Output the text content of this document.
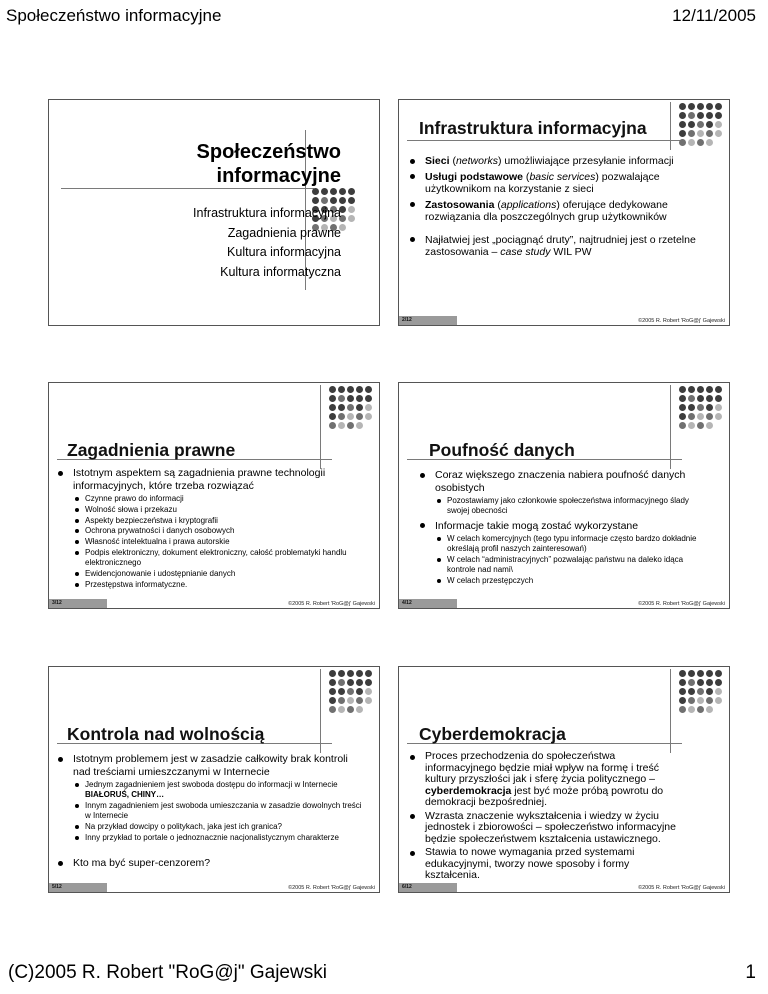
Społeczeństwo informacyjne	12/11/2005
Społeczeństwo
informacyjne
Infrastruktura informacyjna
Zagadnienia prawne
Kultura informacyjna
Kultura informatyczna
Infrastruktura informacyjna
Sieci (networks) umożliwiające przesyłanie informacji
Usługi podstawowe (basic services) pozwalające użytkownikom na korzystanie z sieci
Zastosowania (applications) oferujące dedykowane rozwiązania dla poszczególnych grup użytkowników
Najłatwiej jest „pociągnąć druty”, najtrudniej jest o rzetelne zastosowania – case study WIL PW
2/12	©2005 R. Robert 'RoG@j' Gajewski
Zagadnienia prawne
Istotnym aspektem są zagadnienia prawne technologii informacyjnych, które trzeba rozwiązać
Czynne prawo do informacji
Wolność słowa i przekazu
Aspekty bezpieczeństwa i kryptografii
Ochrona prywatności i danych osobowych
Własność intelektualna i prawa autorskie
Podpis elektroniczny, dokument elektroniczny, całość problematyki handlu elektronicznego
Ewidencjonowanie i udostępnianie danych
Przestępstwa informatyczne.
3/12	©2005 R. Robert 'RoG@j' Gajewski
Poufność danych
Coraz większego znaczenia nabiera poufność danych osobistych
Pozostawiamy jako członkowie społeczeństwa informacyjnego ślady swojej obecności
Informacje takie mogą zostać wykorzystane
W celach komercyjnych (tego typu informacje często bardzo dokładnie określają profil naszych zainteresowań)
W celach “administracyjnych” pozwalając państwu na daleko idąca kontrole nad nami\
W celach przestępczych
4/12	©2005 R. Robert 'RoG@j' Gajewski
Kontrola nad wolnością
Istotnym problemem jest w zasadzie całkowity brak kontroli nad treściami umieszczanymi w Internecie
Jednym zagadnieniem jest swoboda dostępu do informacji w Internecie BIAŁORUŚ, CHINY…
Innym zagadnieniem jest swoboda umieszczania w zasadzie dowolnych treści w Internecie
Na przykład dowcipy o politykach, jaka jest ich granica?
Inny przykład to portale o jednoznacznie nacjonalistycznym charakterze
Kto ma być super-cenzorem?
5/12	©2005 R. Robert 'RoG@j' Gajewski
Cyberdemokracja
Proces przechodzenia do społeczeństwa informacyjnego będzie miał wpływ na formę i treść kultury przyszłości jak i sferę życia politycznego – cyberdemokracja jest być może próbą powrotu do demokracji bezpośredniej.
Wzrasta znaczenie wykształcenia i wiedzy w życiu jednostek i zbiorowości – społeczeństwo informacyjne będzie społeczeństwem kształcenia ustawicznego.
Stawia to nowe wymagania przed systemami edukacyjnymi, tworzy nowe sposoby i formy kształcenia.
6/12	©2005 R. Robert 'RoG@j' Gajewski
(C)2005 R. Robert "RoG@j" Gajewski	1
